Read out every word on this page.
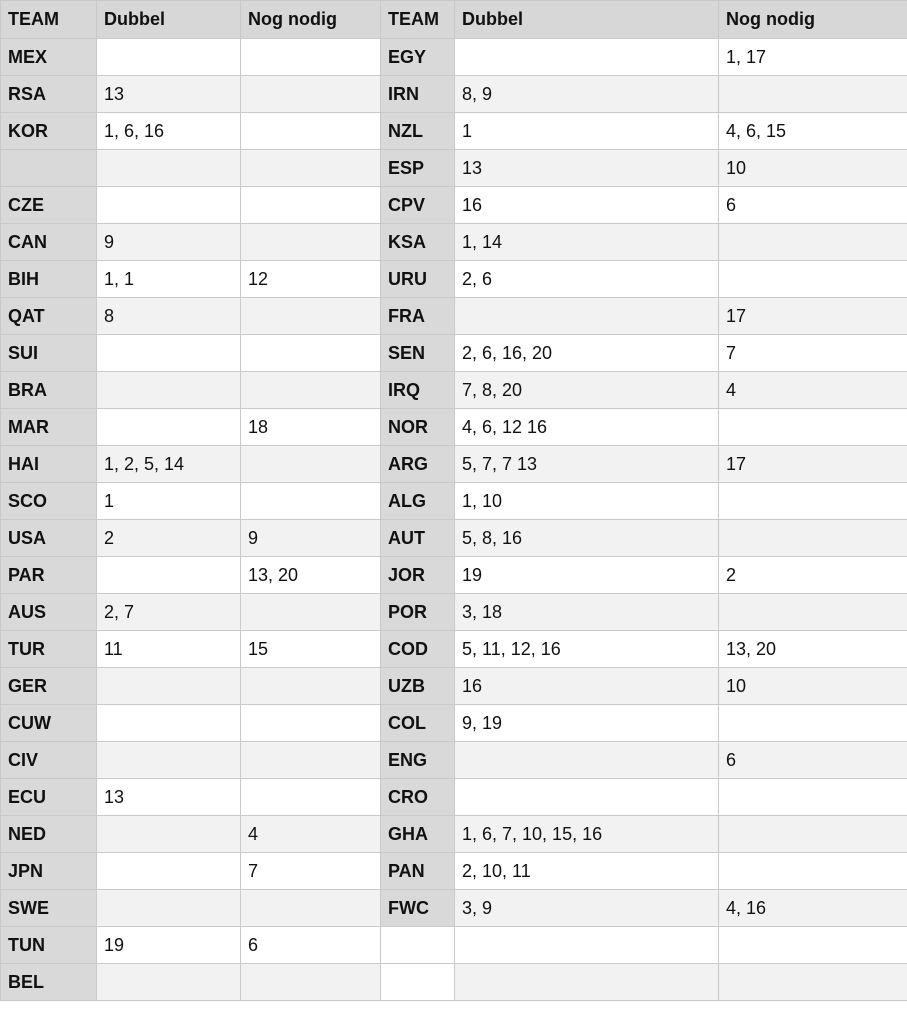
TEAM	Dubbel	Nog nodig	TEAM	Dubbel	Nog nodig
MEX			EGY		1, 17
RSA	13		IRN	8, 9	
KOR	1, 6, 16		NZL	1	4, 6, 15
			ESP	13	10
CZE			CPV	16	6
CAN	9		KSA	1, 14	
BIH	1, 1	12	URU	2, 6	
QAT	8		FRA		17
SUI			SEN	2, 6, 16, 20	7
BRA			IRQ	7, 8, 20	4
MAR		18	NOR	4, 6, 12 16	
HAI	1, 2, 5, 14		ARG	5, 7, 7 13	17
SCO	1		ALG	1, 10	
USA	2	9	AUT	5, 8, 16	
PAR		13, 20	JOR	19	2
AUS	2, 7		POR	3, 18	
TUR	11	15	COD	5, 11, 12, 16	13, 20
GER			UZB	16	10
CUW			COL	9, 19	
CIV			ENG		6
ECU	13		CRO		
NED		4	GHA	1, 6, 7, 10, 15, 16	
JPN		7	PAN	2, 10, 11	
SWE			FWC	3, 9	4, 16
TUN	19	6			
BEL					
